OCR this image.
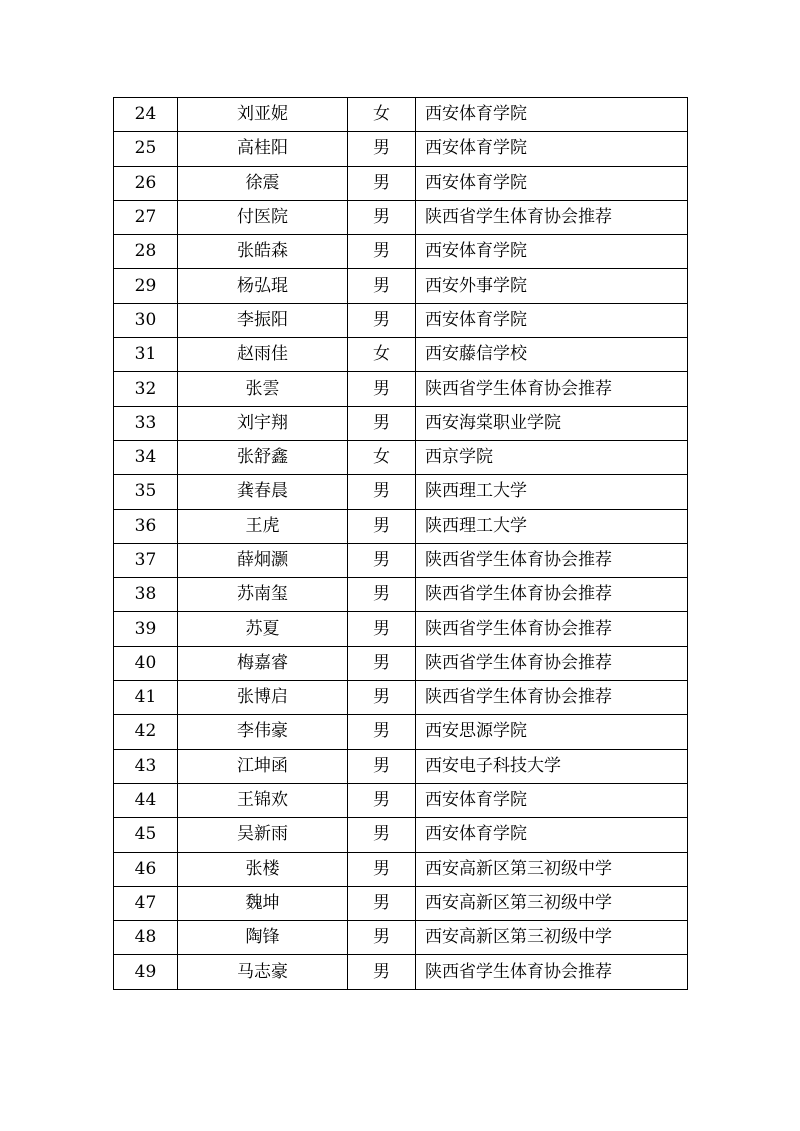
24	刘亚妮	女	西安体育学院
25	高桂阳	男	西安体育学院
26	徐震	男	西安体育学院
27	付医院	男	陕西省学生体育协会推荐
28	张皓森	男	西安体育学院
29	杨弘琨	男	西安外事学院
30	李振阳	男	西安体育学院
31	赵雨佳	女	西安藤信学校
32	张雲	男	陕西省学生体育协会推荐
33	刘宇翔	男	西安海棠职业学院
34	张舒鑫	女	西京学院
35	龚春晨	男	陕西理工大学
36	王虎	男	陕西理工大学
37	薛炯灏	男	陕西省学生体育协会推荐
38	苏南玺	男	陕西省学生体育协会推荐
39	苏夏	男	陕西省学生体育协会推荐
40	梅嘉睿	男	陕西省学生体育协会推荐
41	张博启	男	陕西省学生体育协会推荐
42	李伟豪	男	西安思源学院
43	江坤函	男	西安电子科技大学
44	王锦欢	男	西安体育学院
45	吴新雨	男	西安体育学院
46	张楼	男	西安高新区第三初级中学
47	魏坤	男	西安高新区第三初级中学
48	陶锋	男	西安高新区第三初级中学
49	马志豪	男	陕西省学生体育协会推荐
